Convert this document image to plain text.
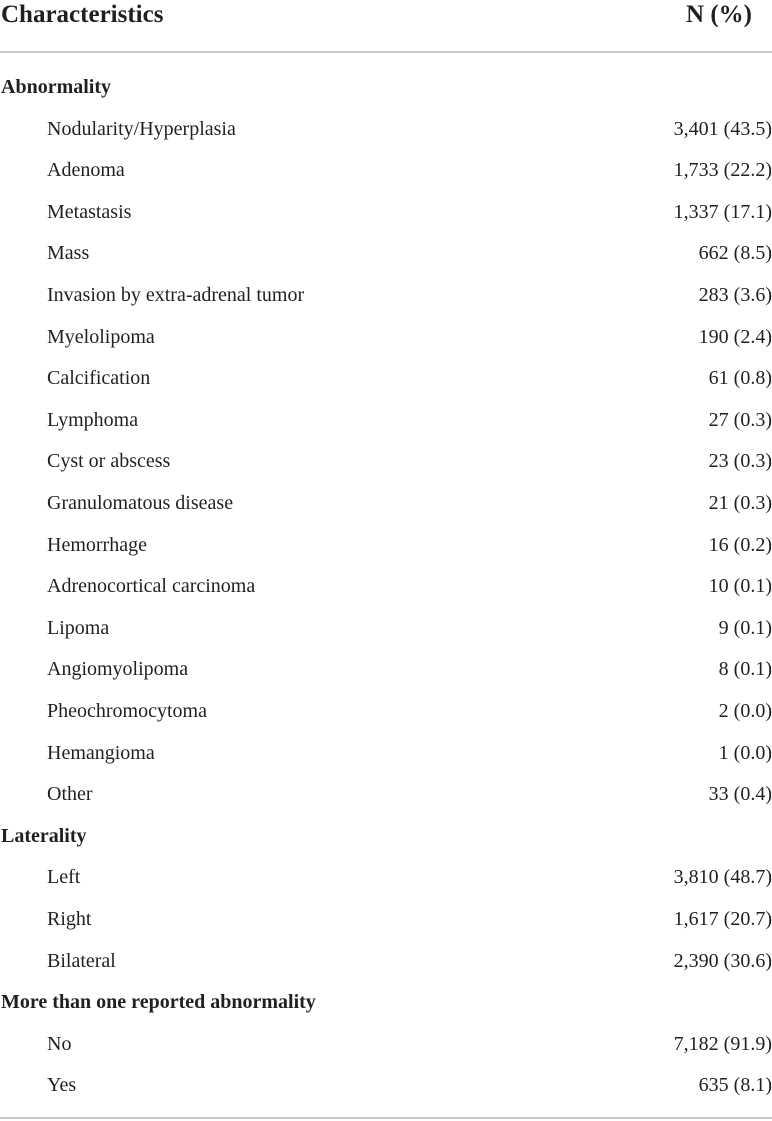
Characteristics	N (%)
Abnormality
Nodularity/Hyperplasia	3,401 (43.5)
Adenoma	1,733 (22.2)
Metastasis	1,337 (17.1)
Mass	662 (8.5)
Invasion by extra-adrenal tumor	283 (3.6)
Myelolipoma	190 (2.4)
Calcification	61 (0.8)
Lymphoma	27 (0.3)
Cyst or abscess	23 (0.3)
Granulomatous disease	21 (0.3)
Hemorrhage	16 (0.2)
Adrenocortical carcinoma	10 (0.1)
Lipoma	9 (0.1)
Angiomyolipoma	8 (0.1)
Pheochromocytoma	2 (0.0)
Hemangioma	1 (0.0)
Other	33 (0.4)
Laterality
Left	3,810 (48.7)
Right	1,617 (20.7)
Bilateral	2,390 (30.6)
More than one reported abnormality
No	7,182 (91.9)
Yes	635 (8.1)
